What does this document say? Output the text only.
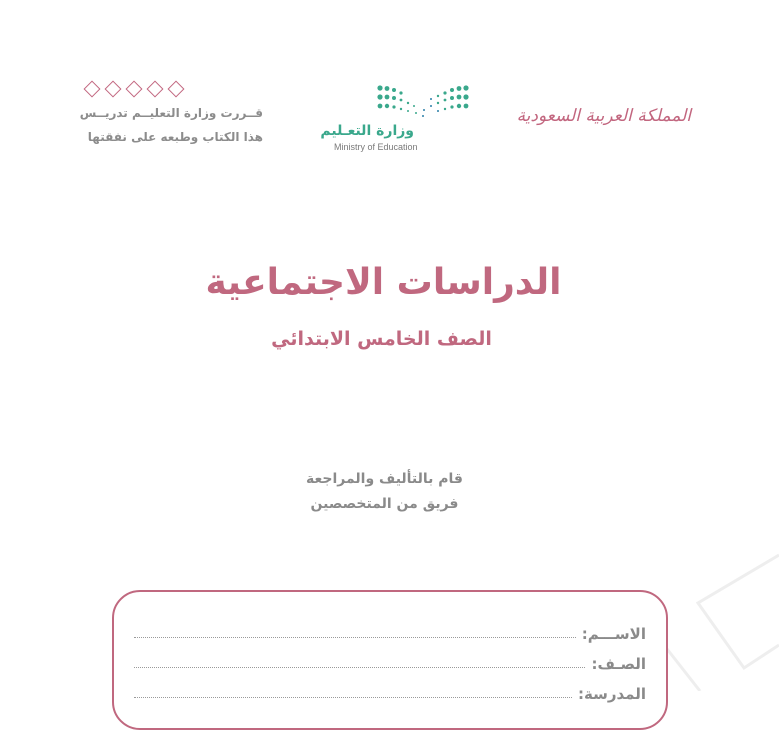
قــررت وزارة التعليــم تدريــس
هذا الكتاب وطبعه على نفقتها	وزارة التعـليم
Ministry of Education
المملكة العربية السعودية
الدراسات الاجتماعية
الصف الخامس الابتدائي
قام بالتأليف والمراجعة
فريق من المتخصصين
الاســـم:
الصـف:
المدرسة:
